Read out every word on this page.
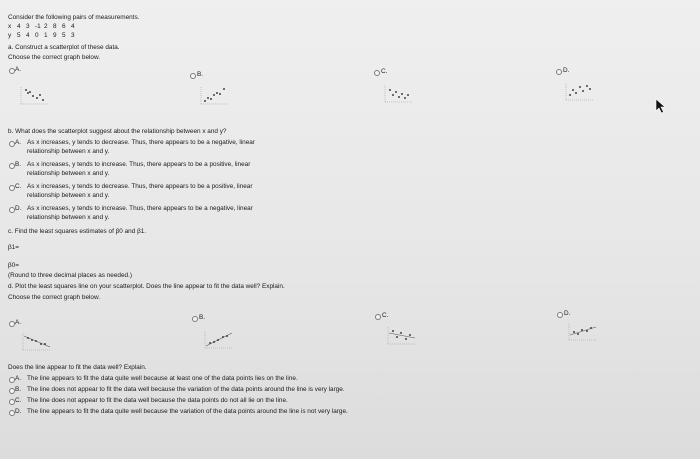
Consider the following pairs of measurements.
x 4 3 -1 2 8 6 4
y 5 4 0 1 9 5 3
a. Construct a scatterplot of these data.
Choose the correct graph below.
A.
B.	C.	D.
b. What does the scatterplot suggest about the relationship between x and y?
A. As x increases, y tends to decrease. Thus, there appears to be a negative, linear
relationship between x and y.
B. As x increases, y tends to increase. Thus, there appears to be a positive, linear
relationship between x and y.
C. As x increases, y tends to decrease. Thus, there appears to be a positive, linear
relationship between x and y.
D. As x increases, y tends to increase. Thus, there appears to be a negative, linear
relationship between x and y.
c. Find the least squares estimates of β0 and β1.
β1=
β0=
(Round to three decimal places as needed.)
d. Plot the least squares line on your scatterplot. Does the line appear to fit the data well? Explain.
Choose the correct graph below.
A.
B.	C.	D.
Does the line appear to fit the data well? Explain.
A. The line appears to fit the data quite well because at least one of the data points lies on the line.
B. The line does not appear to fit the data well because the variation of the data points around the line is very large.
C. The line does not appear to fit the data well because the data points do not all lie on the line.
D. The line appears to fit the data quite well because the variation of the data points around the line is not very large.
